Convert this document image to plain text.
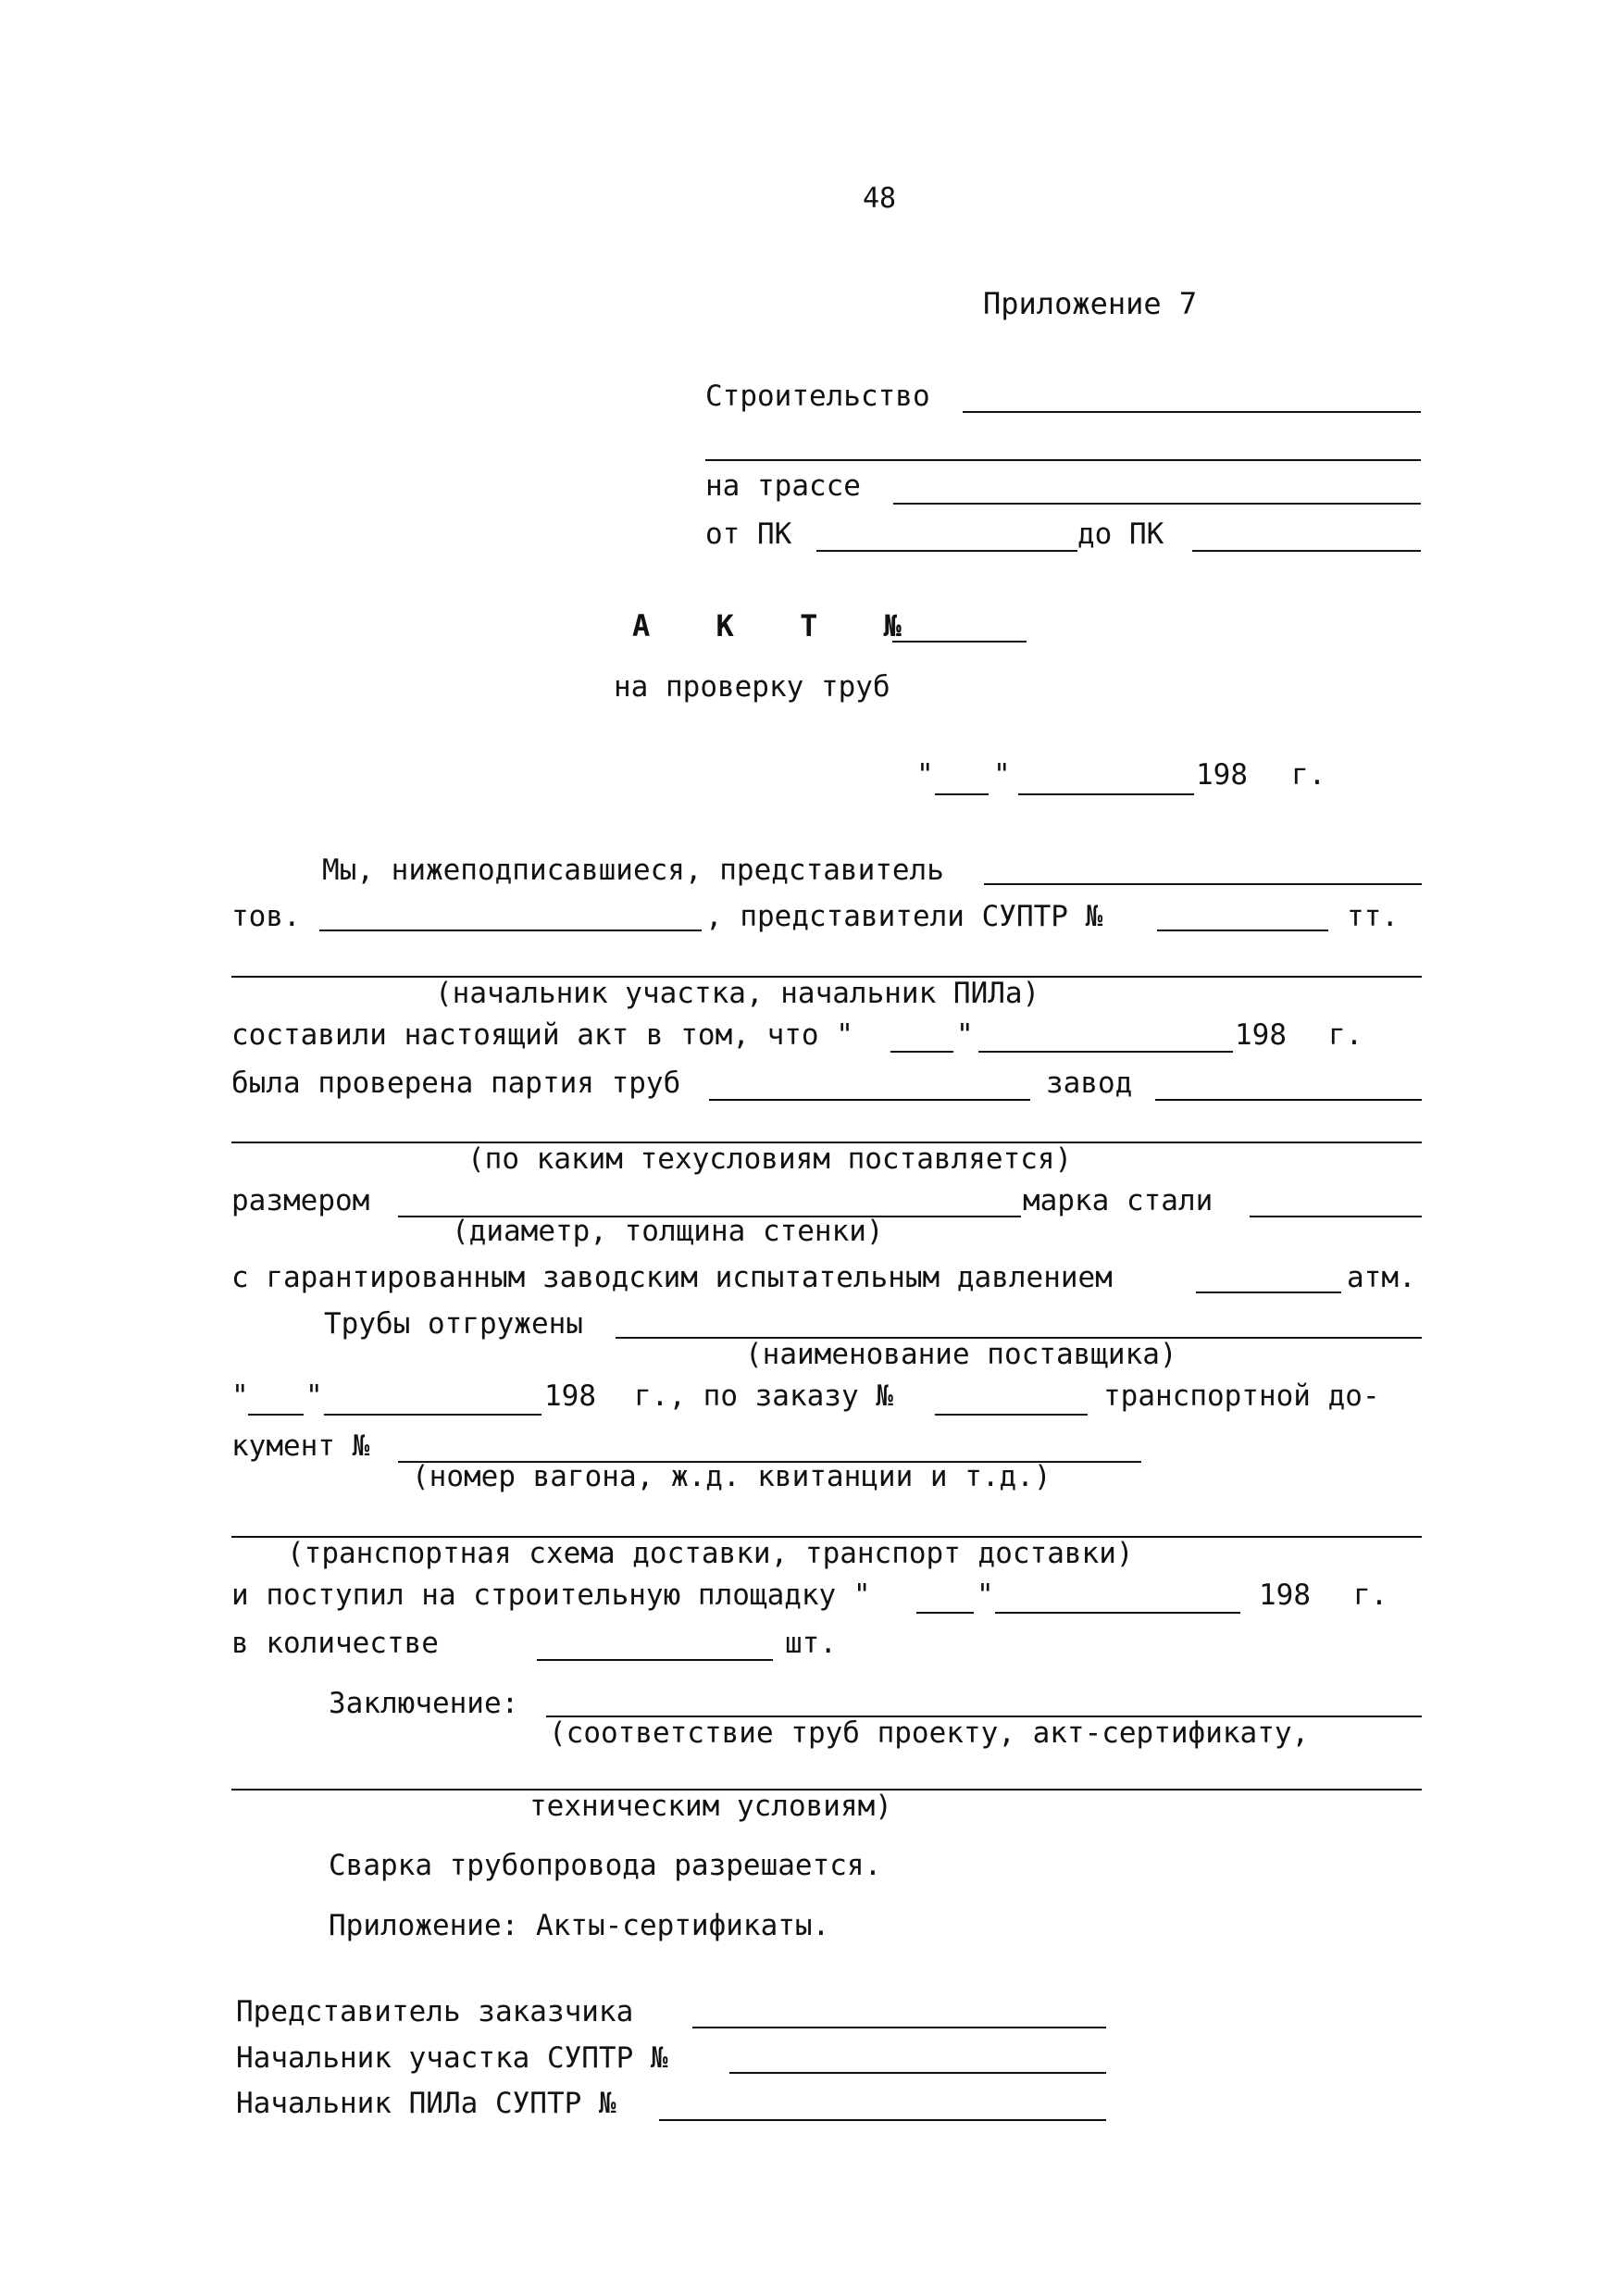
48
Приложение 7
Строительство
на трассе
от ПК	до ПК
А К Т №
на проверку труб
" "	198 г.
Мы, нижеподписавшиеся, представитель
тов.	, представители СУПТР №	тт.
(начальник участка, начальник ПИЛа)
составили настоящий акт в том, что "	"	198 г.
была проверена партия труб	завод
(по каким техусловиям поставляется)
размером	марка стали
(диаметр, толщина стенки)
с гарантированным заводским испытательным давлением	атм.
Трубы отгружены
(наименование поставщика)
" "	198 г., по заказу №	транспортной до-
кумент №
(номер вагона, ж.д. квитанции и т.д.)
(транспортная схема доставки, транспорт доставки)
и поступил на строительную площадку "	"	198 г.
в количестве	шт.
Заключение:
(соответствие труб проекту, акт-сертификату,
техническим условиям)
Сварка трубопровода разрешается.
Приложение: Акты-сертификаты.
Представитель заказчика
Начальник участка СУПТР №
Начальник ПИЛа СУПТР №
